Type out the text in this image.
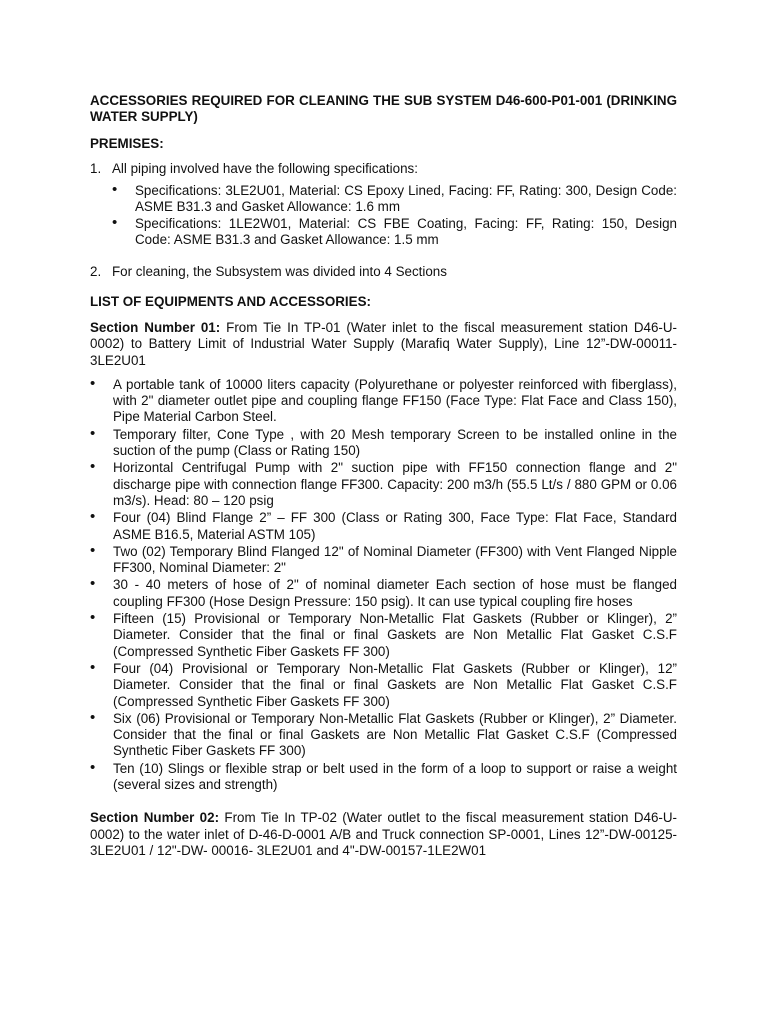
ACCESSORIES REQUIRED FOR CLEANING THE SUB SYSTEM D46-600-P01-001 (DRINKING WATER SUPPLY)

PREMISES:

1. All piping involved have the following specifications:
• Specifications: 3LE2U01, Material: CS Epoxy Lined, Facing: FF, Rating: 300, Design Code: ASME B31.3 and Gasket Allowance: 1.6 mm
• Specifications: 1LE2W01, Material: CS FBE Coating, Facing: FF, Rating: 150, Design Code: ASME B31.3 and Gasket Allowance: 1.5 mm
2. For cleaning, the Subsystem was divided into 4 Sections

LIST OF EQUIPMENTS AND ACCESSORIES:

Section Number 01: From Tie In TP-01 (Water inlet to the fiscal measurement station D46-U-0002) to Battery Limit of Industrial Water Supply (Marafiq Water Supply), Line 12”-DW-00011-3LE2U01

• A portable tank of 10000 liters capacity (Polyurethane or polyester reinforced with fiberglass), with 2" diameter outlet pipe and coupling flange FF150 (Face Type: Flat Face and Class 150), Pipe Material Carbon Steel.
• Temporary filter, Cone Type , with 20 Mesh temporary Screen to be installed online in the suction of the pump (Class or Rating 150)
• Horizontal Centrifugal Pump with 2" suction pipe with FF150 connection flange and 2" discharge pipe with connection flange FF300. Capacity: 200 m3/h (55.5 Lt/s / 880 GPM or 0.06 m3/s). Head: 80 – 120 psig
• Four (04) Blind Flange 2” – FF 300 (Class or Rating 300, Face Type: Flat Face, Standard ASME B16.5, Material ASTM 105)
• Two (02) Temporary Blind Flanged 12" of Nominal Diameter (FF300) with Vent Flanged Nipple FF300, Nominal Diameter: 2"
• 30 - 40 meters of hose of 2" of nominal diameter Each section of hose must be flanged coupling FF300 (Hose Design Pressure: 150 psig). It can use typical coupling fire hoses
• Fifteen (15) Provisional or Temporary Non-Metallic Flat Gaskets (Rubber or Klinger), 2” Diameter. Consider that the final or final Gaskets are Non Metallic Flat Gasket C.S.F (Compressed Synthetic Fiber Gaskets FF 300)
• Four (04) Provisional or Temporary Non-Metallic Flat Gaskets (Rubber or Klinger), 12” Diameter. Consider that the final or final Gaskets are Non Metallic Flat Gasket C.S.F (Compressed Synthetic Fiber Gaskets FF 300)
• Six (06) Provisional or Temporary Non-Metallic Flat Gaskets (Rubber or Klinger), 2” Diameter. Consider that the final or final Gaskets are Non Metallic Flat Gasket C.S.F (Compressed Synthetic Fiber Gaskets FF 300)
• Ten (10) Slings or flexible strap or belt used in the form of a loop to support or raise a weight (several sizes and strength)

Section Number 02: From Tie In TP-02 (Water outlet to the fiscal measurement station D46-U-0002) to the water inlet of D-46-D-0001 A/B and Truck connection SP-0001, Lines 12”-DW-00125-3LE2U01 / 12"-DW- 00016- 3LE2U01 and 4"-DW-00157-1LE2W01
